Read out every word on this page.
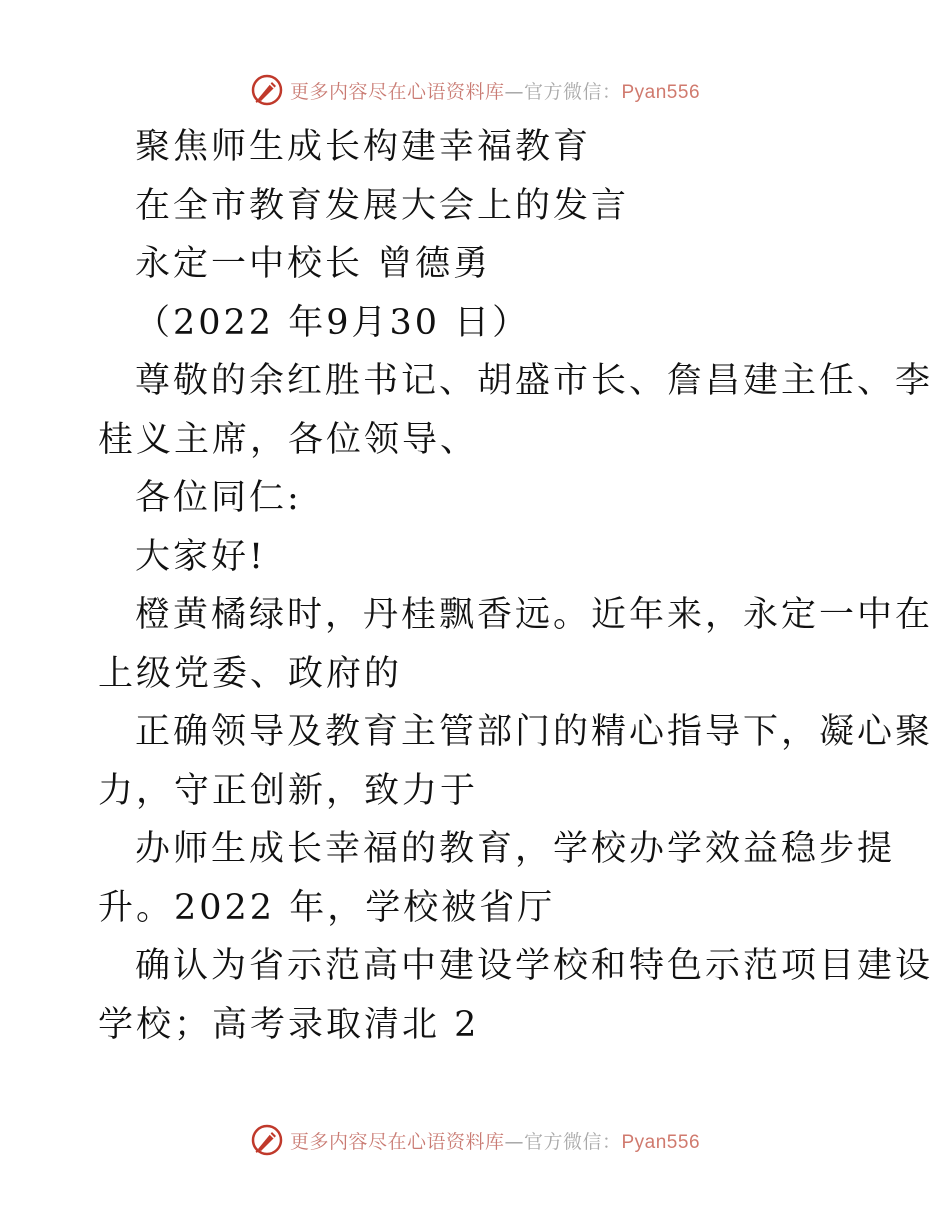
更多内容尽在心语资料库—官方微信：Pyan556

聚焦师生成长构建幸福教育

在全市教育发展大会上的发言

永定一中校长 曾德勇

（2022 年9月30 日）

尊敬的余红胜书记、胡盛市长、詹昌建主任、李

桂义主席，各位领导、

各位同仁:

大家好!

橙黄橘绿时，丹桂飘香远。近年来，永定一中在

上级党委、政府的

正确领导及教育主管部门的精心指导下，凝心聚

力，守正创新，致力于

办师生成长幸福的教育，学校办学效益稳步提

升。2022 年，学校被省厅

确认为省示范高中建设学校和特色示范项目建设

学校；高考录取清北 2

更多内容尽在心语资料库—官方微信：Pyan556
